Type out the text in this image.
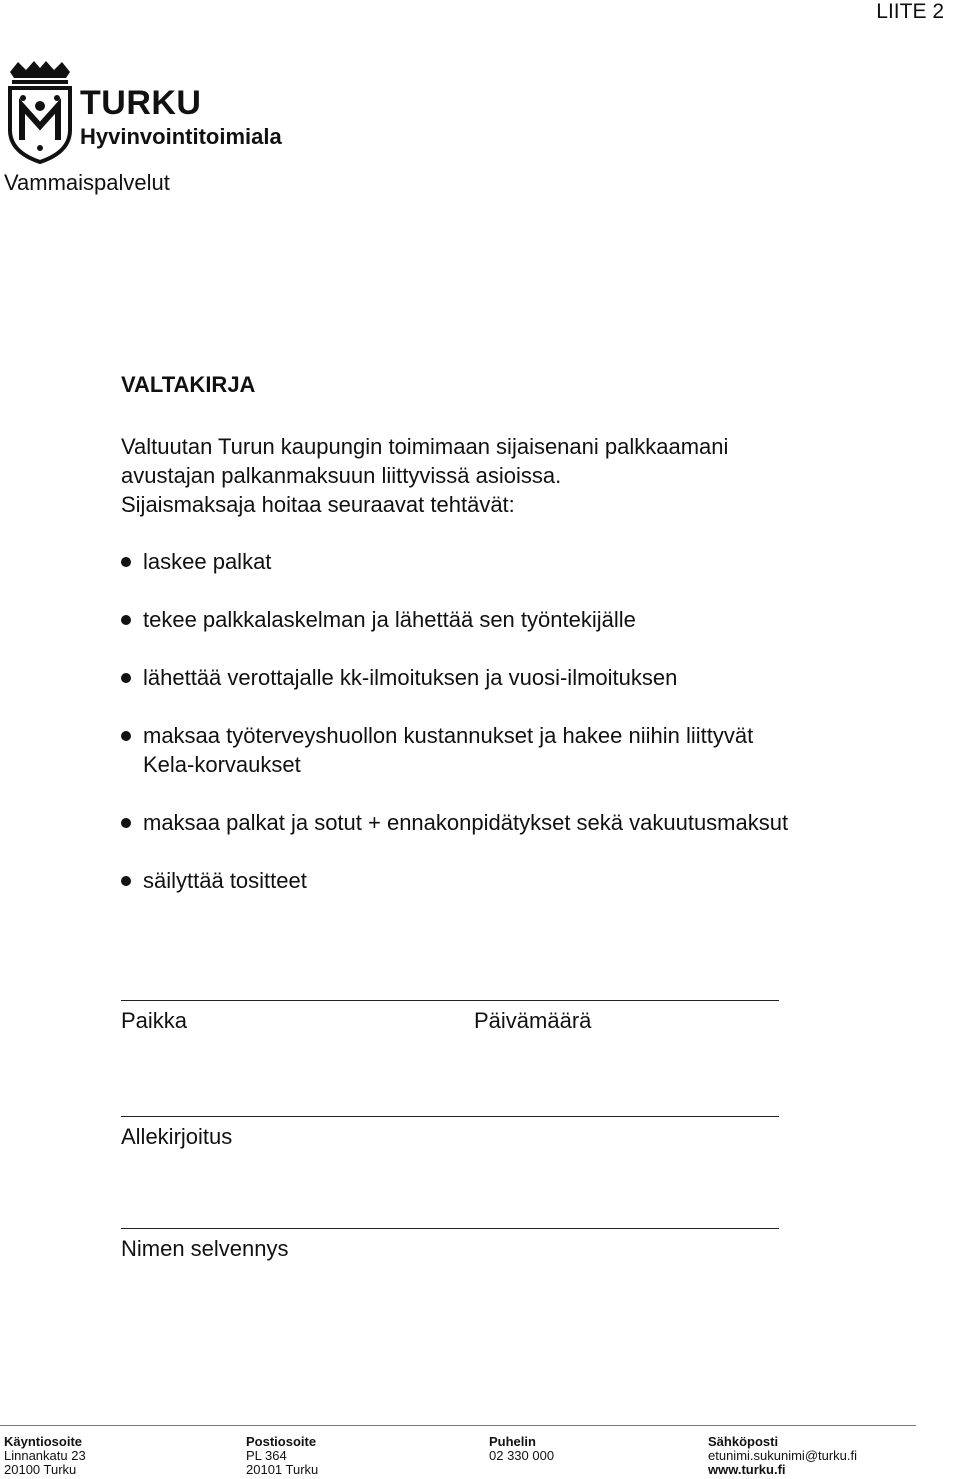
LIITE 2
TURKU
Hyvinvointitoimiala
Vammaispalvelut
VALTAKIRJA
Valtuutan Turun kaupungin toimimaan sijaisenani palkkaamani
avustajan palkanmaksuun liittyvissä asioissa.
Sijaismaksaja hoitaa seuraavat tehtävät:
laskee palkat
tekee palkkalaskelman ja lähettää sen työntekijälle
lähettää verottajalle kk-ilmoituksen ja vuosi-ilmoituksen
maksaa työterveyshuollon kustannukset ja hakee niihin liittyvät
Kela-korvaukset
maksaa palkat ja sotut + ennakonpidätykset sekä vakuutusmaksut
säilyttää tositteet
Paikka	Päivämäärä
Allekirjoitus
Nimen selvennys
Käyntiosoite
Linnankatu 23
20100 Turku
Postiosoite
PL 364
20101 Turku
Puhelin
02 330 000
Sähköposti
etunimi.sukunimi@turku.fi
www.turku.fi
